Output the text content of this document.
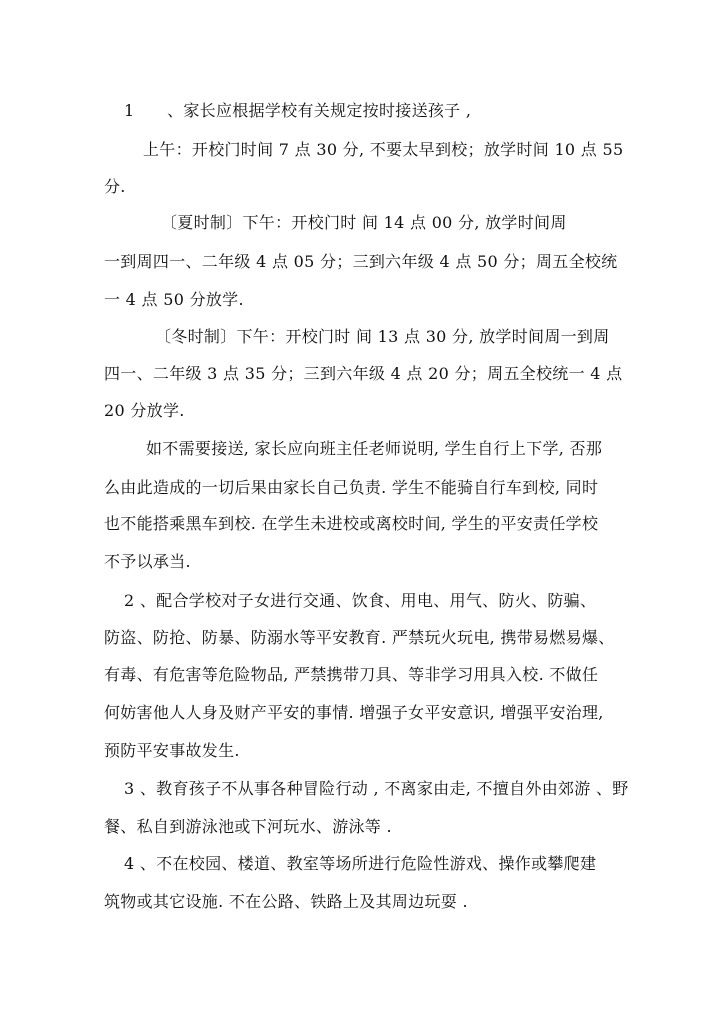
1　　、家长应根据学校有关规定按时接送孩子 ,
上午：开校门时间 7 点 30 分, 不要太早到校；放学时间 10 点 55
分.
〔夏时制〕下午：开校门时 间 14 点 00 分, 放学时间周
一到周四一、二年级 4 点 05 分；三到六年级 4 点 50 分；周五全校统
一 4 点 50 分放学.
〔冬时制〕下午：开校门时 间 13 点 30 分, 放学时间周一到周
四一、二年级 3 点 35 分；三到六年级 4 点 20 分；周五全校统一 4 点
20 分放学.
如不需要接送, 家长应向班主任老师说明, 学生自行上下学, 否那
么由此造成的一切后果由家长自己负责. 学生不能骑自行车到校, 同时
也不能搭乘黑车到校. 在学生未进校或离校时间, 学生的平安责任学校
不予以承当.
2 、配合学校对子女进行交通、饮食、用电、用气、防火、防骗、
防盗、防抢、防暴、防溺水等平安教育. 严禁玩火玩电, 携带易燃易爆、
有毒、有危害等危险物品, 严禁携带刀具、等非学习用具入校. 不做任
何妨害他人人身及财产平安的事情. 增强子女平安意识, 增强平安治理,
预防平安事故发生.
3 、教育孩子不从事各种冒险行动 , 不离家由走, 不擅自外由郊游 、野
餐、私自到游泳池或下河玩水、游泳等 .
4 、不在校园、楼道、教室等场所进行危险性游戏、操作或攀爬建
筑物或其它设施. 不在公路、铁路上及其周边玩耍 .
